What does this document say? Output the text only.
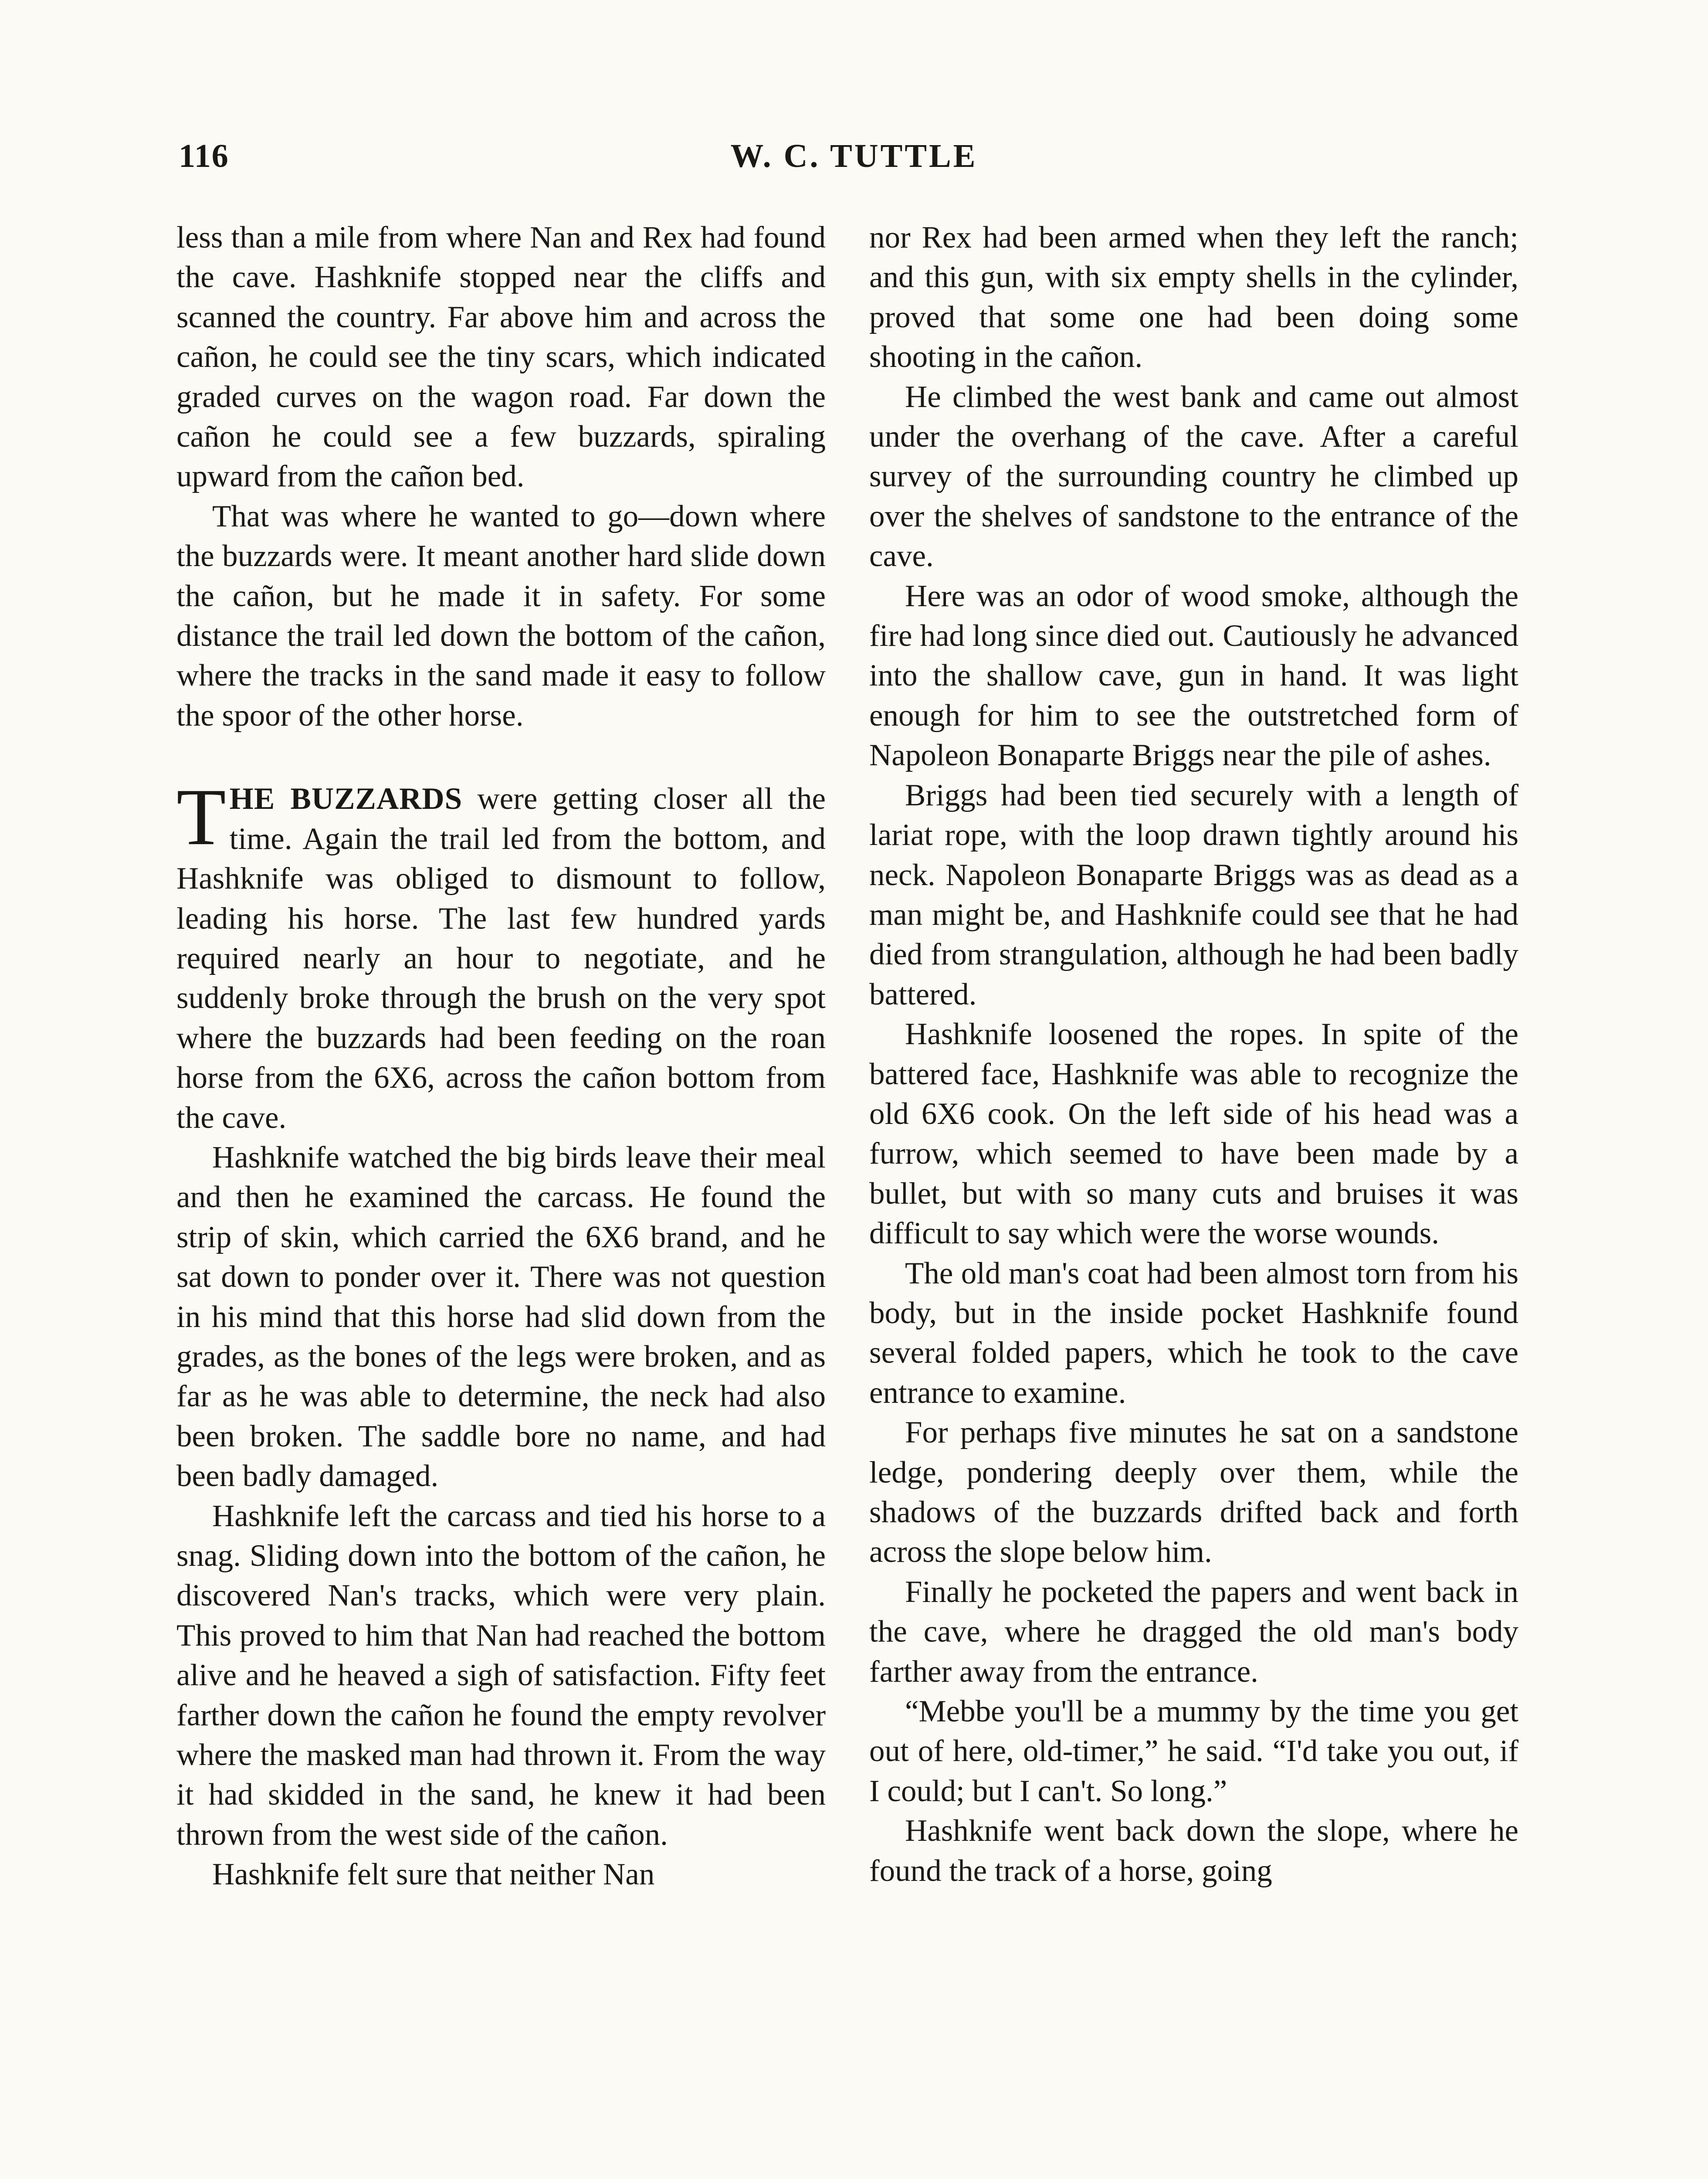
116	W. C. TUTTLE

less than a mile from where Nan and Rex had found the cave. Hashknife stopped near the cliffs and scanned the country. Far above him and across the cañon, he could see the tiny scars, which indicated graded curves on the wagon road. Far down the cañon he could see a few buzzards, spiraling upward from the cañon bed.

That was where he wanted to go—down where the buzzards were. It meant another hard slide down the cañon, but he made it in safety. For some distance the trail led down the bottom of the cañon, where the tracks in the sand made it easy to follow the spoor of the other horse.

THE BUZZARDS were getting closer all the time. Again the trail led from the bottom, and Hashknife was obliged to dismount to follow, leading his horse. The last few hundred yards required nearly an hour to negotiate, and he suddenly broke through the brush on the very spot where the buzzards had been feeding on the roan horse from the 6X6, across the cañon bottom from the cave.

Hashknife watched the big birds leave their meal and then he examined the carcass. He found the strip of skin, which carried the 6X6 brand, and he sat down to ponder over it. There was not question in his mind that this horse had slid down from the grades, as the bones of the legs were broken, and as far as he was able to determine, the neck had also been broken. The saddle bore no name, and had been badly damaged.

Hashknife left the carcass and tied his horse to a snag. Sliding down into the bottom of the cañon, he discovered Nan's tracks, which were very plain. This proved to him that Nan had reached the bottom alive and he heaved a sigh of satisfaction. Fifty feet farther down the cañon he found the empty revolver where the masked man had thrown it. From the way it had skidded in the sand, he knew it had been thrown from the west side of the cañon.

Hashknife felt sure that neither Nan

nor Rex had been armed when they left the ranch; and this gun, with six empty shells in the cylinder, proved that some one had been doing some shooting in the cañon.

He climbed the west bank and came out almost under the overhang of the cave. After a careful survey of the surrounding country he climbed up over the shelves of sandstone to the entrance of the cave.

Here was an odor of wood smoke, although the fire had long since died out. Cautiously he advanced into the shallow cave, gun in hand. It was light enough for him to see the outstretched form of Napoleon Bonaparte Briggs near the pile of ashes.

Briggs had been tied securely with a length of lariat rope, with the loop drawn tightly around his neck. Napoleon Bonaparte Briggs was as dead as a man might be, and Hashknife could see that he had died from strangulation, although he had been badly battered.

Hashknife loosened the ropes. In spite of the battered face, Hashknife was able to recognize the old 6X6 cook. On the left side of his head was a furrow, which seemed to have been made by a bullet, but with so many cuts and bruises it was difficult to say which were the worse wounds.

The old man's coat had been almost torn from his body, but in the inside pocket Hashknife found several folded papers, which he took to the cave entrance to examine.

For perhaps five minutes he sat on a sandstone ledge, pondering deeply over them, while the shadows of the buzzards drifted back and forth across the slope below him.

Finally he pocketed the papers and went back in the cave, where he dragged the old man's body farther away from the entrance.

“Mebbe you'll be a mummy by the time you get out of here, old-timer,” he said. “I'd take you out, if I could; but I can't. So long.”

Hashknife went back down the slope, where he found the track of a horse, going
